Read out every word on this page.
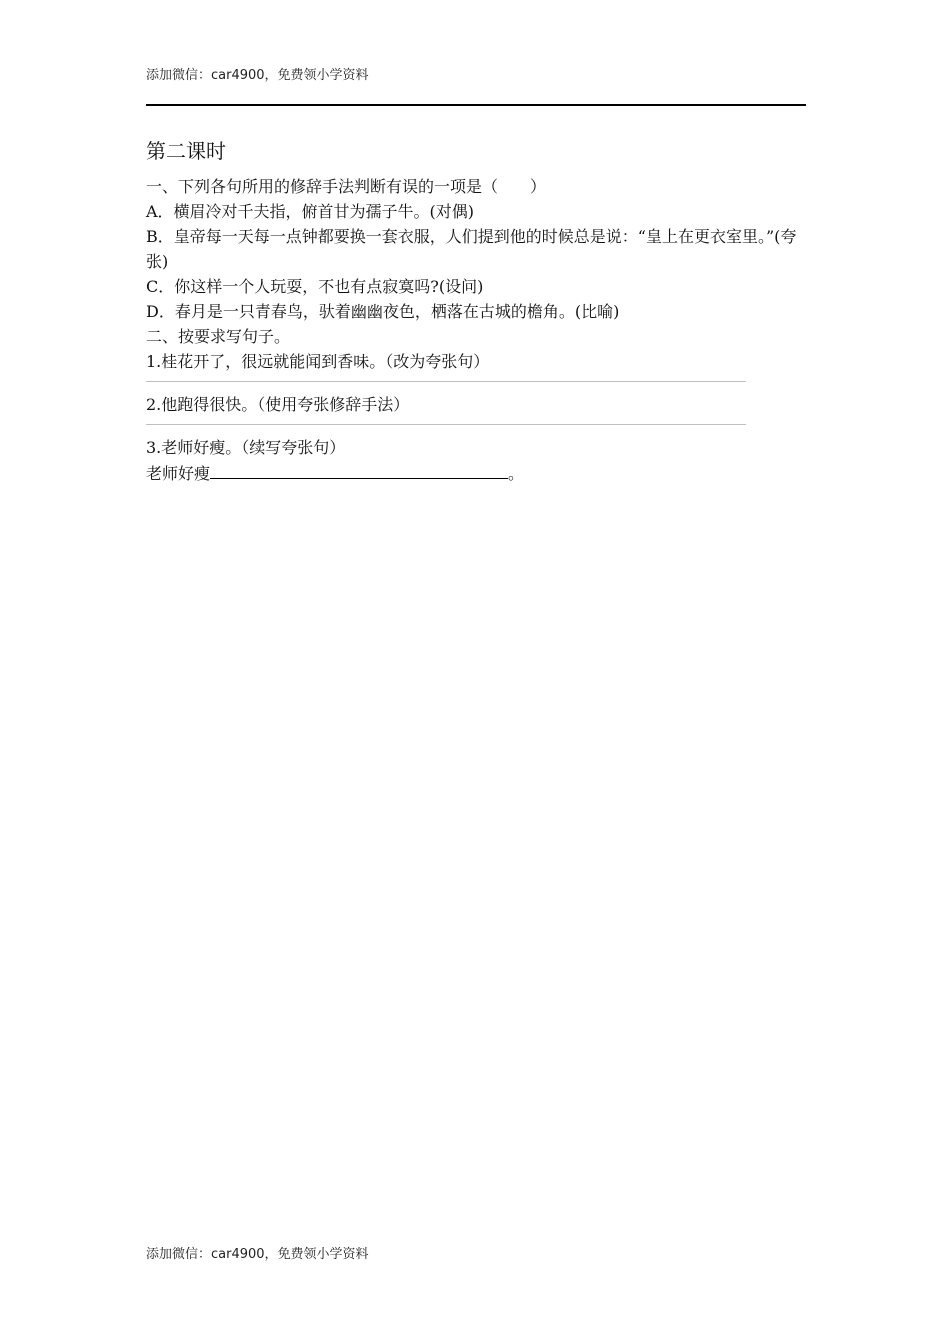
添加微信：car4900，免费领小学资料
第二课时

一、下列各句所用的修辞手法判断有误的一项是（　　）

A．横眉冷对千夫指，俯首甘为孺子牛。(对偶)

B．皇帝每一天每一点钟都要换一套衣服，人们提到他的时候总是说：“皇上在更衣室里。”(夸张)

C．你这样一个人玩耍，不也有点寂寞吗?(设问)

D．春月是一只青春鸟，驮着幽幽夜色，栖落在古城的檐角。(比喻)

二、按要求写句子。

1.桂花开了，很远就能闻到香味。（改为夸张句）

2.他跑得很快。（使用夸张修辞手法）

3.老师好瘦。（续写夸张句）

老师好瘦	。

添加微信：car4900，免费领小学资料
